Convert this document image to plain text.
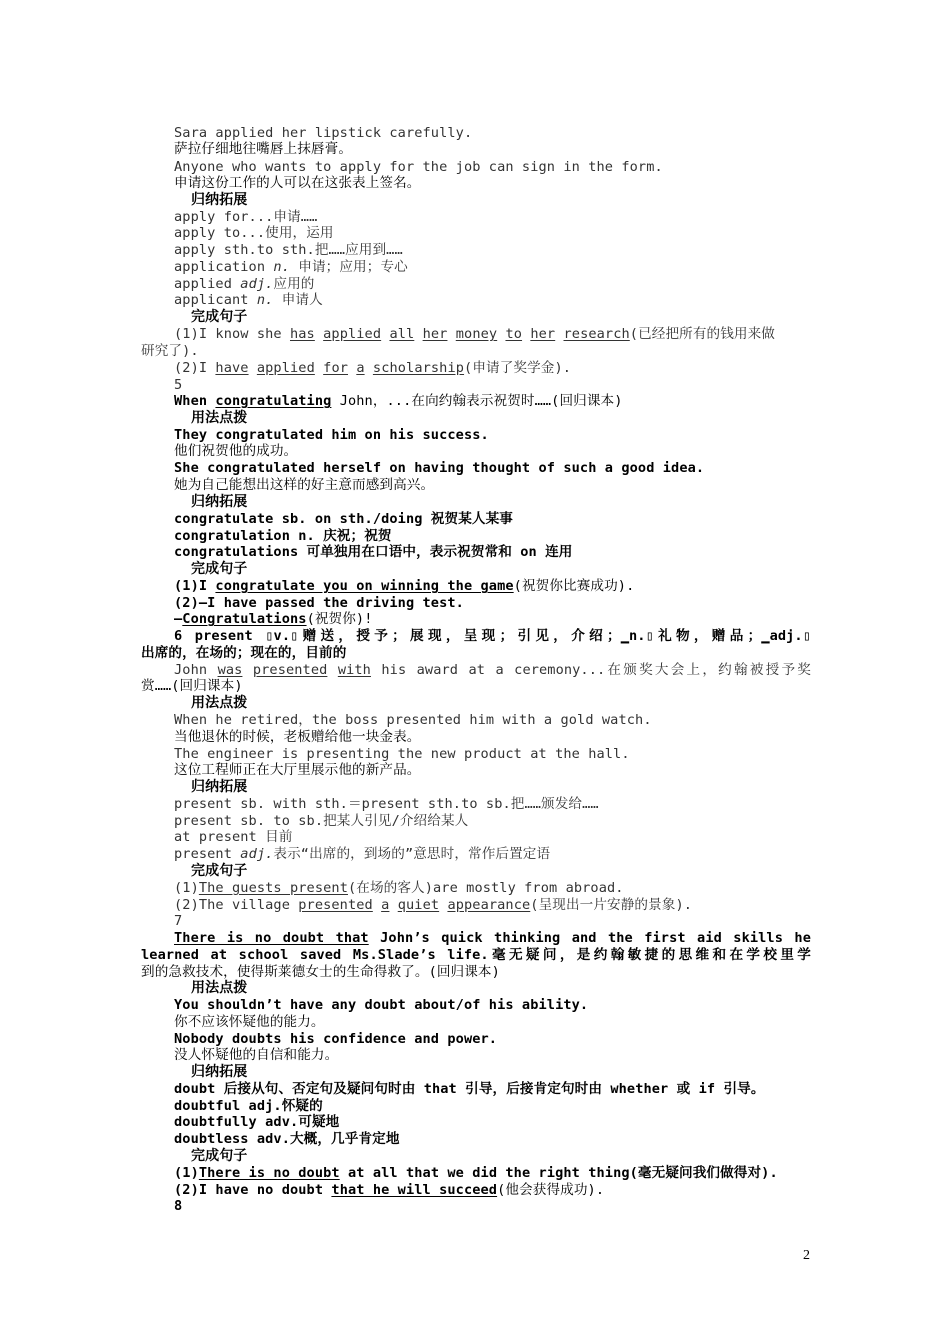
Sara applied her lipstick carefully.
萨拉仔细地往嘴唇上抹唇膏。
Anyone who wants to apply for the job can sign in the form.
申请这份工作的人可以在这张表上签名。
归纳拓展
apply for...申请……
apply to...使用，运用
apply sth.to sth.把……应用到……
application n. 申请；应用；专心
applied adj.应用的
applicant n. 申请人
完成句子
(1)I know she has applied all her money to her research(已经把所有的钱用来做
研究了).
(2)I have applied for a scholarship(申请了奖学金).
5
When congratulating John，...在向约翰表示祝贺时……(回归课本)
用法点拨
They congratulated him on his success.
他们祝贺他的成功。
She congratulated herself on having thought of such a good idea.
她为自己能想出这样的好主意而感到高兴。
归纳拓展
congratulate sb. on sth./doing 祝贺某人某事
congratulation n. 庆祝；祝贺
congratulations 可单独用在口语中，表示祝贺常和 on 连用
完成句子
(1)I congratulate you on winning the game(祝贺你比赛成功).
(2)—I have passed the driving test.
—Congratulations(祝贺你)!
6 present ▯v.▯赠送，授予；展现，呈现；引见，介绍；▁n.▯礼物，赠品；▁adj.▯
出席的，在场的；现在的，目前的
John was presented with his award at a ceremony...在颁奖大会上，约翰被授予奖
赏……(回归课本)
用法点拨
When he retired，the boss presented him with a gold watch.
当他退休的时候，老板赠给他一块金表。
The engineer is presenting the new product at the hall.
这位工程师正在大厅里展示他的新产品。
归纳拓展
present sb. with sth.＝present sth.to sb.把……颁发给……
present sb. to sb.把某人引见/介绍给某人
at present 目前
present adj.表示“出席的，到场的”意思时，常作后置定语
完成句子
(1)The guests present(在场的客人)are mostly from abroad.
(2)The village presented a quiet appearance(呈现出一片安静的景象).
7
There is no doubt that John’s quick thinking and the first aid skills he
learned at school saved Ms.Slade’s life.毫无疑问，是约翰敏捷的思维和在学校里学
到的急救技术，使得斯莱德女士的生命得救了。(回归课本)
用法点拨
You shouldn’t have any doubt about/of his ability.
你不应该怀疑他的能力。
Nobody doubts his confidence and power.
没人怀疑他的自信和能力。
归纳拓展
doubt 后接从句、否定句及疑问句时由 that 引导，后接肯定句时由 whether 或 if 引导。
doubtful adj.怀疑的
doubtfully adv.可疑地
doubtless adv.大概，几乎肯定地
完成句子
(1)There is no doubt at all that we did the right thing(毫无疑问我们做得对).
(2)I have no doubt that he will succeed(他会获得成功).
8
2
